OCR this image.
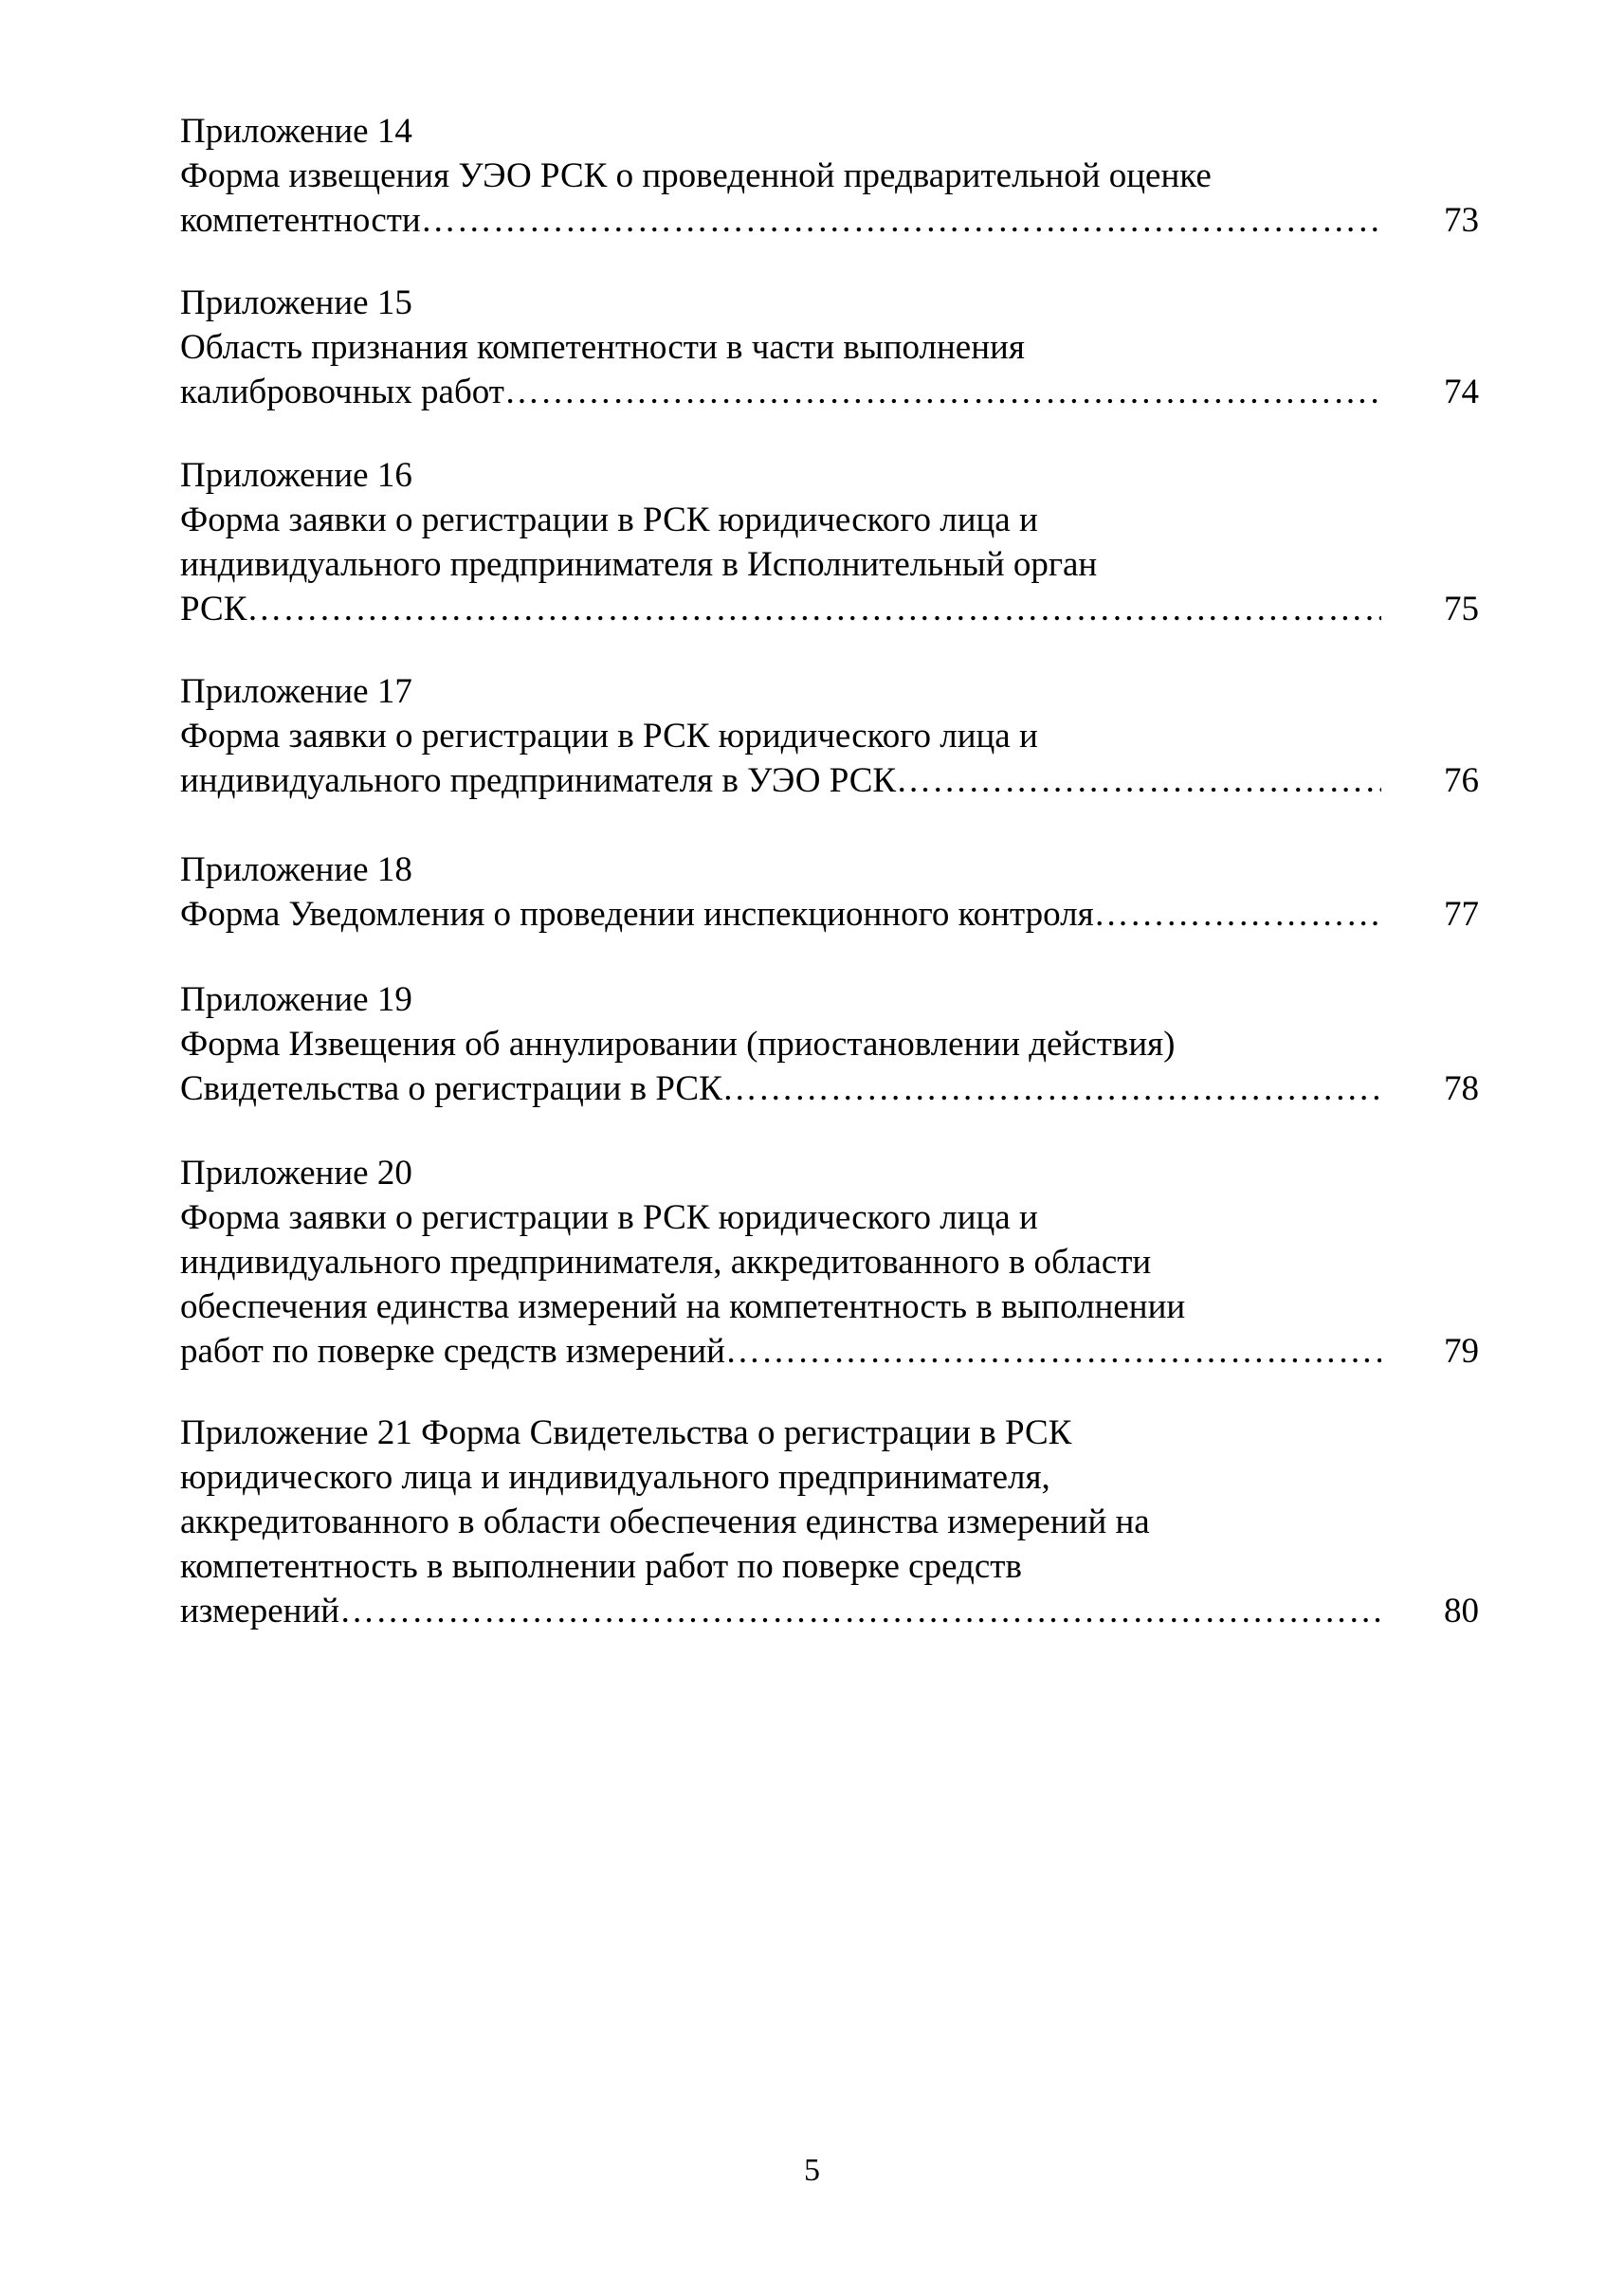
Приложение 14
Форма извещения УЭО РСК о проведенной предварительной оценке
компетентности ……………………………………………………………………………………………………………………………………………………………………………………………………………………	73
Приложение 15
Область признания компетентности в части выполнения
калибровочных работ ……………………………………………………………………………………………………………………………………………………………………………………………………………………	74
Приложение 16
Форма заявки о регистрации в РСК юридического лица и
индивидуального предпринимателя в Исполнительный орган
РСК ……………………………………………………………………………………………………………………………………………………………………………………………………………………	75
Приложение 17
Форма заявки о регистрации в РСК юридического лица и
индивидуального предпринимателя в УЭО РСК ……………………………………………………………………………………………………………………………………………………………………………………………………………………	76
Приложение 18
Форма Уведомления о проведении инспекционного контроля ……………………………………………………………………………………………………………………………………………………………………………………………………………………	77
Приложение 19
Форма Извещения об аннулировании (приостановлении действия)
Свидетельства о регистрации в РСК ……………………………………………………………………………………………………………………………………………………………………………………………………………………	78
Приложение 20
Форма заявки о регистрации в РСК юридического лица и
индивидуального предпринимателя, аккредитованного в области
обеспечения единства измерений на компетентность в выполнении
работ по поверке средств измерений ……………………………………………………………………………………………………………………………………………………………………………………………………………………	79
Приложение 21 Форма Свидетельства о регистрации в РСК
юридического лица и индивидуального предпринимателя,
аккредитованного в области обеспечения единства измерений на
компетентность в выполнении работ по поверке средств
измерений ……………………………………………………………………………………………………………………………………………………………………………………………………………………	80
5
